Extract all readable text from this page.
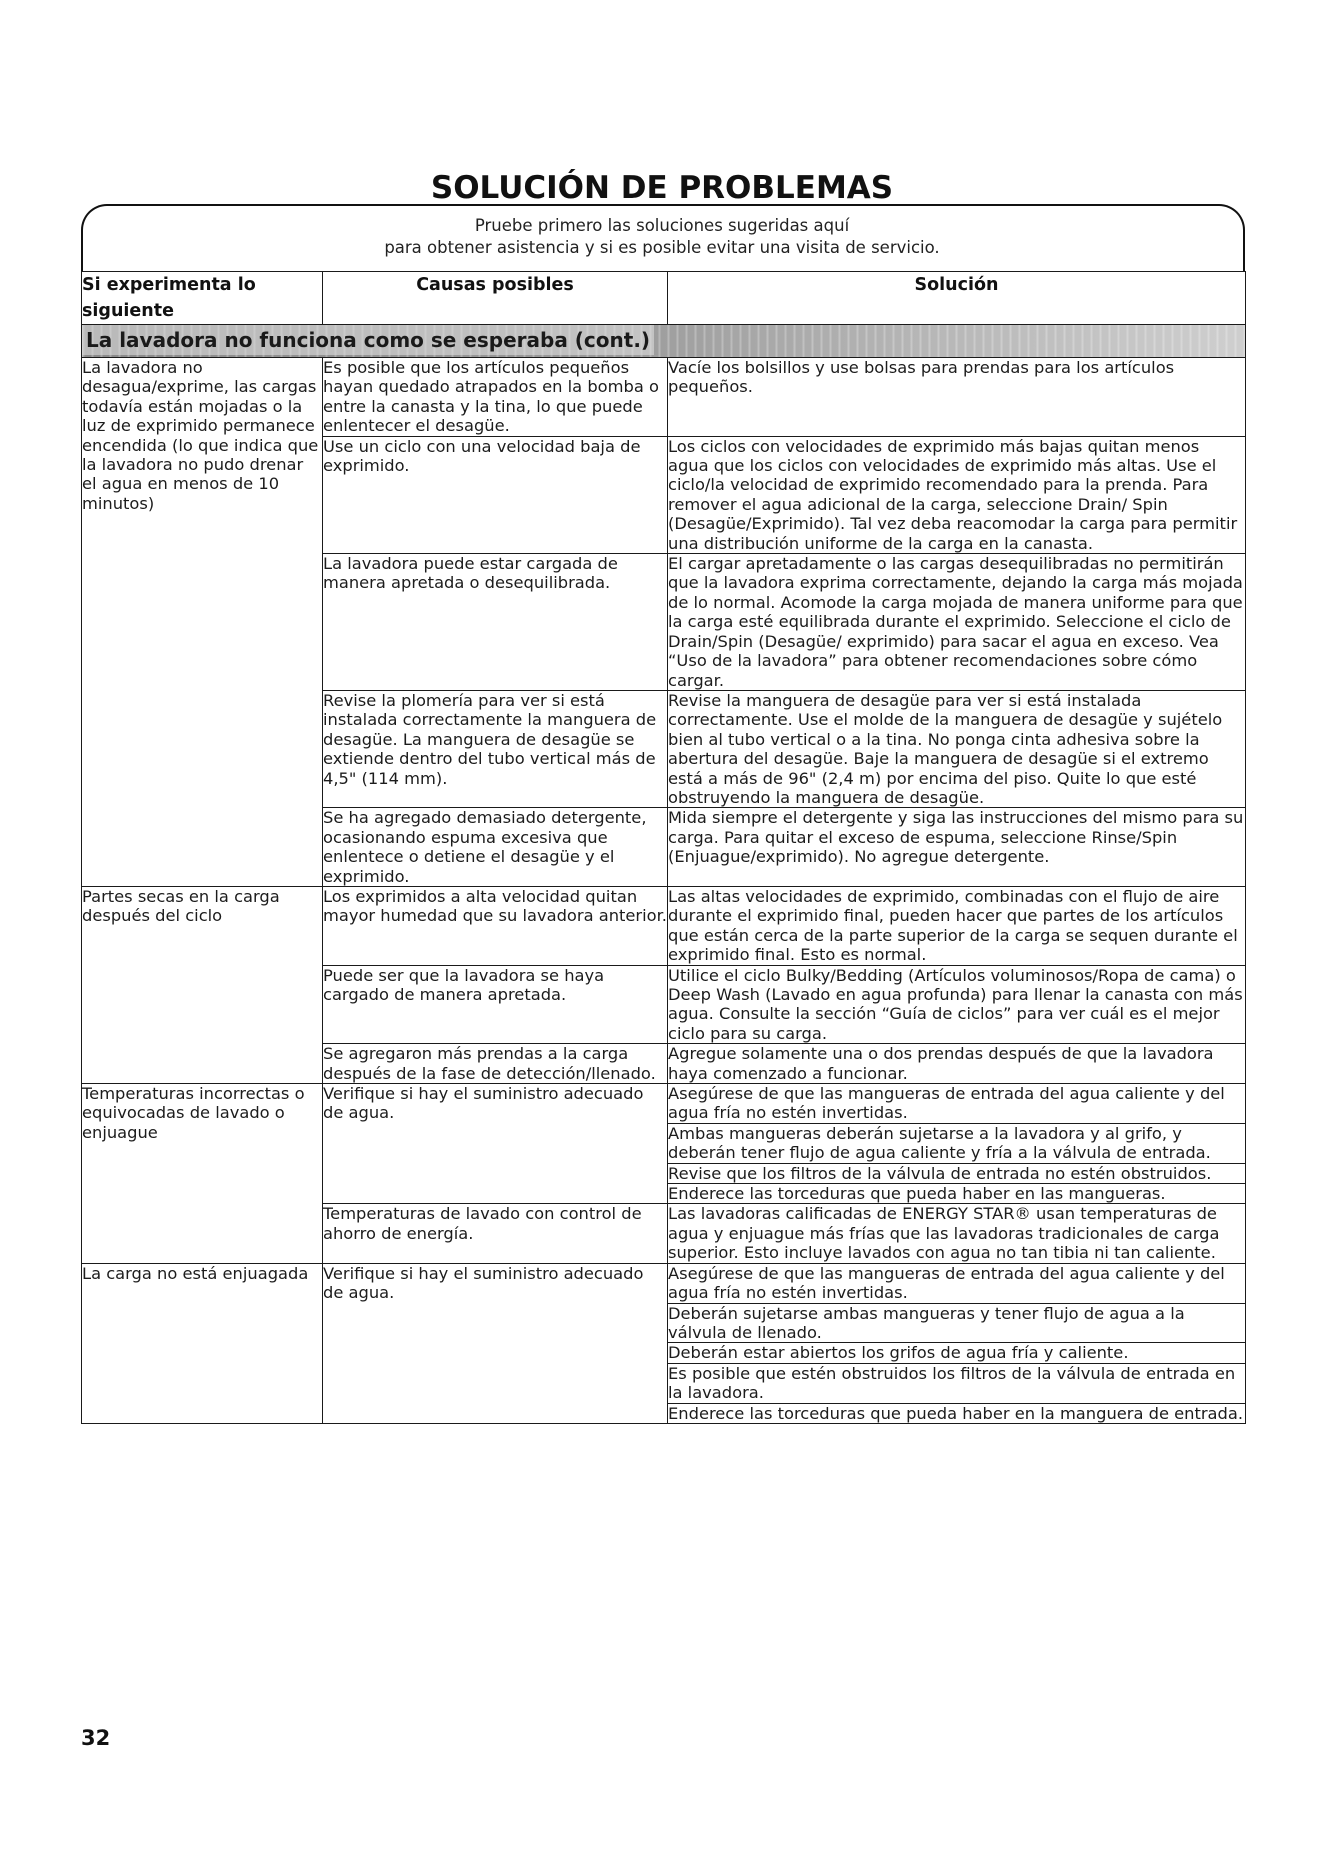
SOLUCIÓN DE PROBLEMAS
Pruebe primero las soluciones sugeridas aquí
para obtener asistencia y si es posible evitar una visita de servicio.
Si experimenta lo siguiente	Causas posibles	Solución
La lavadora no funciona como se esperaba (cont.)		
La lavadora no desagua/exprime, las cargas todavía están mojadas o la luz de exprimido permanece encendida (lo que indica que la lavadora no pudo drenar el agua en menos de 10 minutos)	Es posible que los artículos pequeños hayan quedado atrapados en la bomba o entre la canasta y la tina, lo que puede enlentecer el desagüe.	Vacíe los bolsillos y use bolsas para prendas para los artículos pequeños.
	Use un ciclo con una velocidad baja de exprimido.	Los ciclos con velocidades de exprimido más bajas quitan menos agua que los ciclos con velocidades de exprimido más altas. Use el ciclo/la velocidad de exprimido recomendado para la prenda. Para remover el agua adicional de la carga, seleccione Drain/ Spin (Desagüe/Exprimido). Tal vez deba reacomodar la carga para permitir una distribución uniforme de la carga en la canasta.
	La lavadora puede estar cargada de manera apretada o desequilibrada.	El cargar apretadamente o las cargas desequilibradas no permitirán que la lavadora exprima correctamente, dejando la carga más mojada de lo normal. Acomode la carga mojada de manera uniforme para que la carga esté equilibrada durante el exprimido. Seleccione el ciclo de Drain/Spin (Desagüe/ exprimido) para sacar el agua en exceso. Vea “Uso de la lavadora” para obtener recomendaciones sobre cómo cargar.
	Revise la plomería para ver si está instalada correctamente la manguera de desagüe. La manguera de desagüe se extiende dentro del tubo vertical más de 4,5" (114 mm).	Revise la manguera de desagüe para ver si está instalada correctamente. Use el molde de la manguera de desagüe y sujételo bien al tubo vertical o a la tina. No ponga cinta adhesiva sobre la abertura del desagüe. Baje la manguera de desagüe si el extremo está a más de 96" (2,4 m) por encima del piso. Quite lo que esté obstruyendo la manguera de desagüe.
	Se ha agregado demasiado detergente, ocasionando espuma excesiva que enlentece o detiene el desagüe y el exprimido.	Mida siempre el detergente y siga las instrucciones del mismo para su carga. Para quitar el exceso de espuma, seleccione Rinse/Spin (Enjuague/exprimido). No agregue detergente.
Partes secas en la carga después del ciclo	Los exprimidos a alta velocidad quitan mayor humedad que su lavadora anterior.	Las altas velocidades de exprimido, combinadas con el flujo de aire durante el exprimido final, pueden hacer que partes de los artículos que están cerca de la parte superior de la carga se sequen durante el exprimido final. Esto es normal.
	Puede ser que la lavadora se haya cargado de manera apretada.	Utilice el ciclo Bulky/Bedding (Artículos voluminosos/Ropa de cama) o Deep Wash (Lavado en agua profunda) para llenar la canasta con más agua. Consulte la sección “Guía de ciclos” para ver cuál es el mejor ciclo para su carga.
	Se agregaron más prendas a la carga después de la fase de detección/llenado.	Agregue solamente una o dos prendas después de que la lavadora haya comenzado a funcionar.
Temperaturas incorrectas o equivocadas de lavado o enjuague	Verifique si hay el suministro adecuado de agua.	Asegúrese de que las mangueras de entrada del agua caliente y del agua fría no estén invertidas.
		Ambas mangueras deberán sujetarse a la lavadora y al grifo, y deberán tener flujo de agua caliente y fría a la válvula de entrada.
		Revise que los filtros de la válvula de entrada no estén obstruidos.
		Enderece las torceduras que pueda haber en las mangueras.
	Temperaturas de lavado con control de ahorro de energía.	Las lavadoras calificadas de ENERGY STAR® usan temperaturas de agua y enjuague más frías que las lavadoras tradicionales de carga superior. Esto incluye lavados con agua no tan tibia ni tan caliente.
La carga no está enjuagada	Verifique si hay el suministro adecuado de agua.	Asegúrese de que las mangueras de entrada del agua caliente y del agua fría no estén invertidas.
		Deberán sujetarse ambas mangueras y tener flujo de agua a la válvula de llenado.
		Deberán estar abiertos los grifos de agua fría y caliente.
		Es posible que estén obstruidos los filtros de la válvula de entrada en la lavadora.
		Enderece las torceduras que pueda haber en la manguera de entrada.
32
